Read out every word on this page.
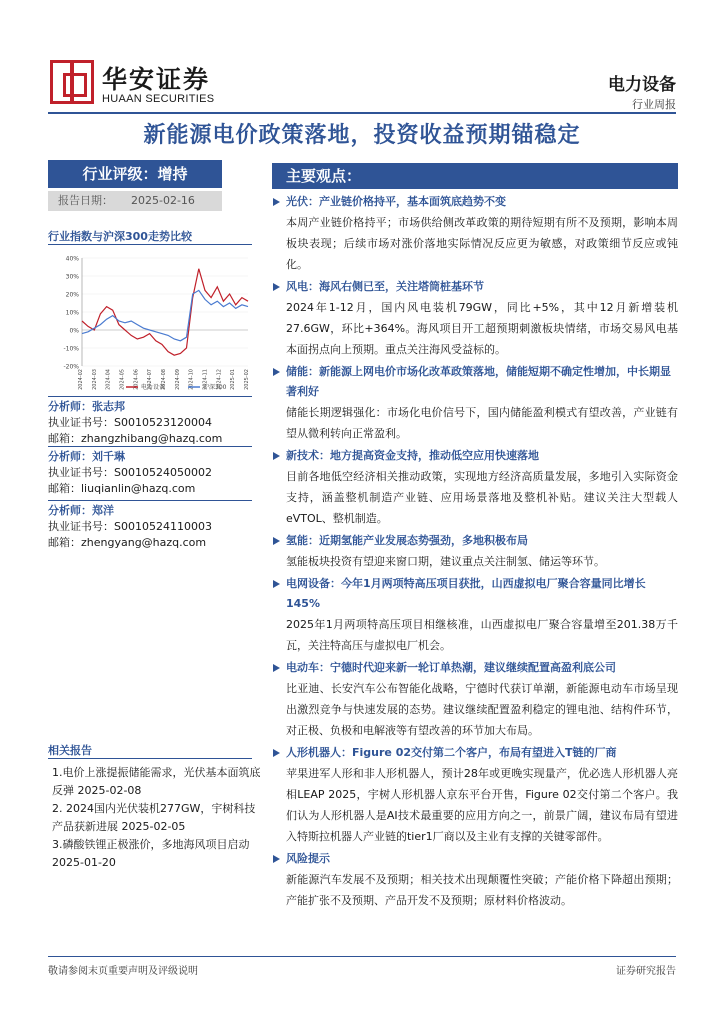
华安证券
HUAAN SECURITIES
电力设备
行业周报
新能源电价政策落地，投资收益预期锚稳定
行业评级：增持
报告日期： 2025-02-16
行业指数与沪深300走势比较
40%
30%
20%
10%
0%
-10%
-20%
2024-02 2024-03 2024-04 2024-05 2024-06 2024-07 2024-08 2024-09 2024-10 2024-11 2024-12 2025-01 2025-02
电力设备	沪深300
分析师：张志邦
执业证书号：S0010523120004
邮箱：zhangzhibang@hazq.com
分析师：刘千琳
执业证书号：S0010524050002
邮箱：liuqianlin@hazq.com
分析师：郑洋
执业证书号：S0010524110003
邮箱：zhengyang@hazq.com
相关报告
1.电价上涨提振储能需求，光伏基本面筑底反弹 2025-02-08
2. 2024国内光伏装机277GW，宇树科技产品获新进展 2025-02-05
3.磷酸铁锂正极涨价，多地海风项目启动 2025-01-20
主要观点：
光伏：产业链价格持平，基本面筑底趋势不变
本周产业链价格持平；市场供给侧改革政策的期待短期有所不及预期，影响本周板块表现；后续市场对涨价落地实际情况反应更为敏感，对政策细节反应或钝化。
风电：海风右侧已至，关注塔筒桩基环节
2024年1-12月，国内风电装机79GW，同比+5%，其中12月新增装机27.6GW，环比+364%。海风项目开工超预期刺激板块情绪，市场交易风电基本面拐点向上预期。重点关注海风受益标的。
储能：新能源上网电价市场化改革政策落地，储能短期不确定性增加，中长期显著利好
储能长期逻辑强化：市场化电价信号下，国内储能盈利模式有望改善，产业链有望从微利转向正常盈利。
新技术：地方提高资金支持，推动低空应用快速落地
目前各地低空经济相关推动政策，实现地方经济高质量发展，多地引入实际资金支持，涵盖整机制造产业链、应用场景落地及整机补贴。建议关注大型载人eVTOL、整机制造。
氢能：近期氢能产业发展态势强劲，多地积极布局
氢能板块投资有望迎来窗口期，建议重点关注制氢、储运等环节。
电网设备：今年1月两项特高压项目获批，山西虚拟电厂聚合容量同比增长145%
2025年1月两项特高压项目相继核准，山西虚拟电厂聚合容量增至201.38万千瓦，关注特高压与虚拟电厂机会。
电动车：宁德时代迎来新一轮订单热潮，建议继续配置高盈利底公司
比亚迪、长安汽车公布智能化战略，宁德时代获订单潮，新能源电动车市场呈现出激烈竞争与快速发展的态势。建议继续配置盈利稳定的锂电池、结构件环节，对正极、负极和电解液等有望改善的环节加大布局。
人形机器人：Figure 02交付第二个客户，布局有望进入T链的厂商
苹果进军人形和非人形机器人，预计28年或更晚实现量产，优必选人形机器人亮相LEAP 2025，宇树人形机器人京东平台开售，Figure 02交付第二个客户。我们认为人形机器人是AI技术最重要的应用方向之一，前景广阔，建议布局有望进入特斯拉机器人产业链的tier1厂商以及主业有支撑的关键零部件。
风险提示
新能源汽车发展不及预期；相关技术出现颠覆性突破；产能价格下降超出预期；产能扩张不及预期、产品开发不及预期；原材料价格波动。
敬请参阅末页重要声明及评级说明	证券研究报告
